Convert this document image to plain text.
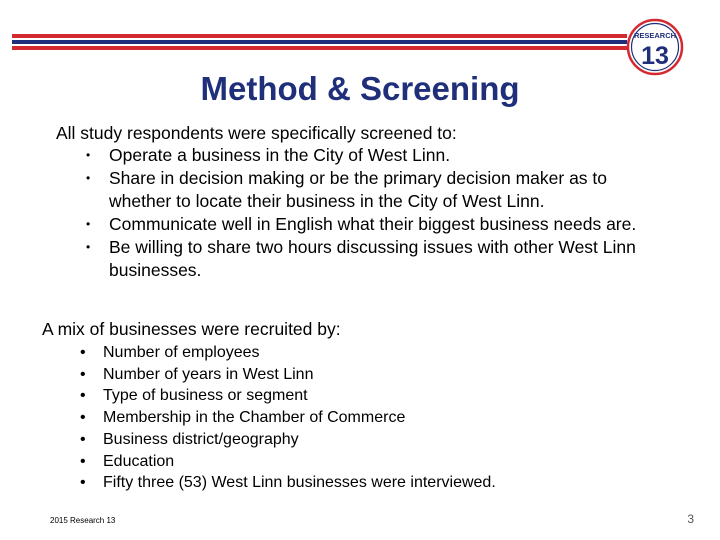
RESEARCH
13
Method & Screening
All study respondents were specifically screened to:
• Operate a business in the City of West Linn.
• Share in decision making or be the primary decision maker as to whether to locate their business in the City of West Linn.
• Communicate well in English what their biggest business needs are.
• Be willing to share two hours discussing issues with other West Linn businesses.
A mix of businesses were recruited by:
• Number of employees
• Number of years in West Linn
• Type of business or segment
• Membership in the Chamber of Commerce
• Business district/geography
• Education
• Fifty three (53) West Linn businesses were interviewed.
2015 Research 13	3
